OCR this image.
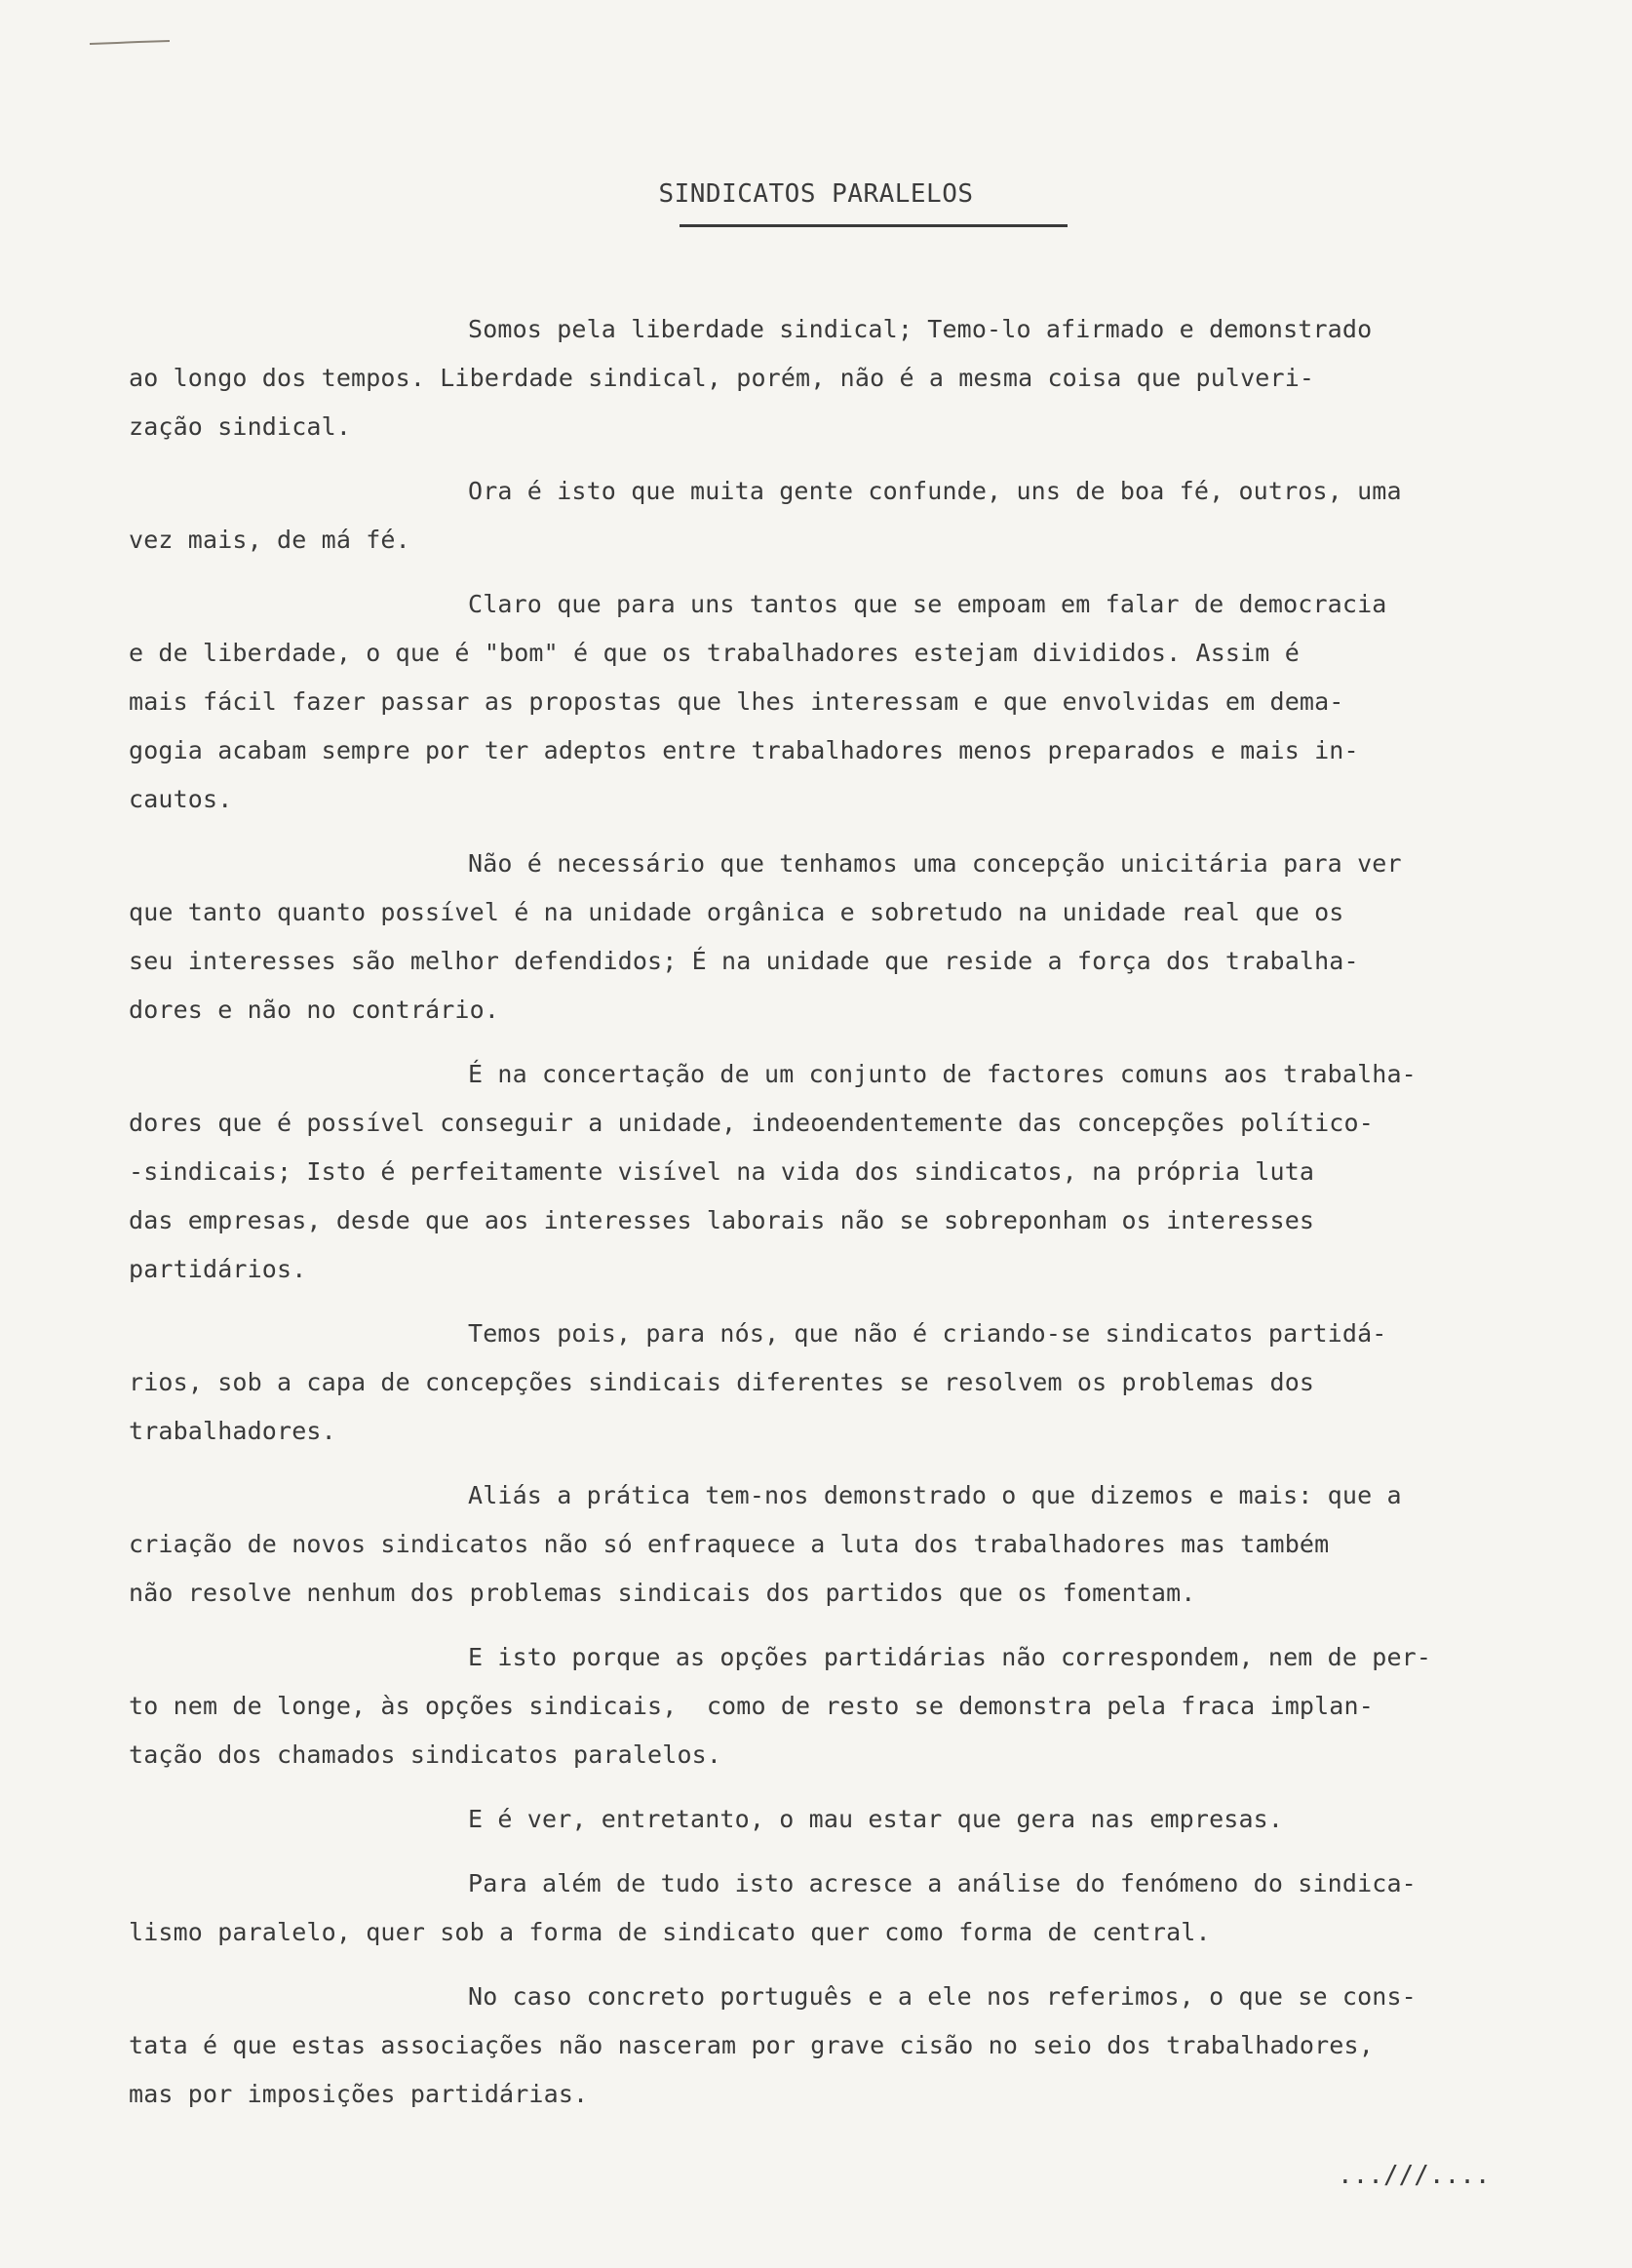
SINDICATOS PARALELOS
Somos pela liberdade sindical; Temo-lo afirmado e demonstrado
ao longo dos tempos. Liberdade sindical, porém, não é a mesma coisa que pulveri-
zação sindical.
Ora é isto que muita gente confunde, uns de boa fé, outros, uma
vez mais, de má fé.
Claro que para uns tantos que se empoam em falar de democracia
e de liberdade, o que é "bom" é que os trabalhadores estejam divididos. Assim é
mais fácil fazer passar as propostas que lhes interessam e que envolvidas em dema-
gogia acabam sempre por ter adeptos entre trabalhadores menos preparados e mais in-
cautos.
Não é necessário que tenhamos uma concepção unicitária para ver
que tanto quanto possível é na unidade orgânica e sobretudo na unidade real que os
seu interesses são melhor defendidos; É na unidade que reside a força dos trabalha-
dores e não no contrário.
É na concertação de um conjunto de factores comuns aos trabalha-
dores que é possível conseguir a unidade, indeoendentemente das concepções político-
-sindicais; Isto é perfeitamente visível na vida dos sindicatos, na própria luta
das empresas, desde que aos interesses laborais não se sobreponham os interesses
partidários.
Temos pois, para nós, que não é criando-se sindicatos partidá-
rios, sob a capa de concepções sindicais diferentes se resolvem os problemas dos
trabalhadores.
Aliás a prática tem-nos demonstrado o que dizemos e mais: que a
criação de novos sindicatos não só enfraquece a luta dos trabalhadores mas também
não resolve nenhum dos problemas sindicais dos partidos que os fomentam.
E isto porque as opções partidárias não correspondem, nem de per-
to nem de longe, às opções sindicais,  como de resto se demonstra pela fraca implan-
tação dos chamados sindicatos paralelos.
E é ver, entretanto, o mau estar que gera nas empresas.
Para além de tudo isto acresce a análise do fenómeno do sindica-
lismo paralelo, quer sob a forma de sindicato quer como forma de central.
No caso concreto português e a ele nos referimos, o que se cons-
tata é que estas associações não nasceram por grave cisão no seio dos trabalhadores,
mas por imposições partidárias.
...///....
